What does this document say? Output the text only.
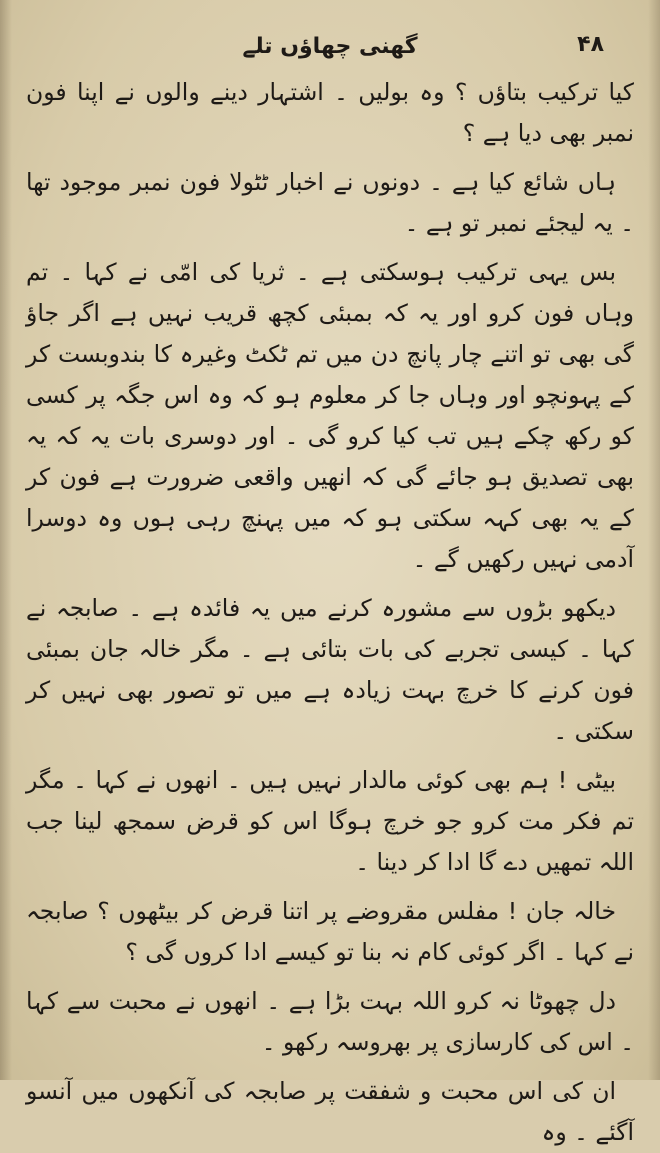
گھنی چھاؤں تلے	۴۸

کیا ترکیب بتاؤں ؟ وہ بولیں ۔ اشتہار دینے والوں نے اپنا فون نمبر بھی دیا ہے ؟

ہاں شائع کیا ہے ۔ دونوں نے اخبار ٹٹولا فون نمبر موجود تھا ۔ یہ لیجئے نمبر تو ہے ۔

بس یہی ترکیب ہوسکتی ہے ۔ ثریا کی امّی نے کہا ۔ تم وہاں فون کرو اور یہ کہ بمبئی کچھ قریب نہیں ہے اگر جاؤ گی بھی تو اتنے چار پانچ دن میں تم ٹکٹ وغیرہ کا بندوبست کر کے پہونچو اور وہاں جا کر معلوم ہو کہ وہ اس جگہ پر کسی کو رکھ چکے ہیں تب کیا کرو گی ۔ اور دوسری بات یہ کہ یہ بھی تصدیق ہو جائے گی کہ انھیں واقعی ضرورت ہے فون کر کے یہ بھی کہہ سکتی ہو کہ میں پہنچ رہی ہوں وہ دوسرا آدمی نہیں رکھیں گے ۔

دیکھو بڑوں سے مشورہ کرنے میں یہ فائدہ ہے ۔ صابجہ نے کہا ۔ کیسی تجربے کی بات بتائی ہے ۔ مگر خالہ جان بمبئی فون کرنے کا خرچ بہت زیادہ ہے میں تو تصور بھی نہیں کر سکتی ۔

بیٹی ! ہم بھی کوئی مالدار نہیں ہیں ۔ انھوں نے کہا ۔ مگر تم فکر مت کرو جو خرچ ہوگا اس کو قرض سمجھ لینا جب اللہ تمھیں دے گا ادا کر دینا ۔

خالہ جان ! مفلس مقروضے پر اتنا قرض کر بیٹھوں ؟ صابجہ نے کہا ۔ اگر کوئی کام نہ بنا تو کیسے ادا کروں گی ؟

دل چھوٹا نہ کرو اللہ بہت بڑا ہے ۔ انھوں نے محبت سے کہا ۔ اس کی کارسازی پر بھروسہ رکھو ۔

ان کی اس محبت و شفقت پر صابجہ کی آنکھوں میں آنسو آگئے ۔ وہ
